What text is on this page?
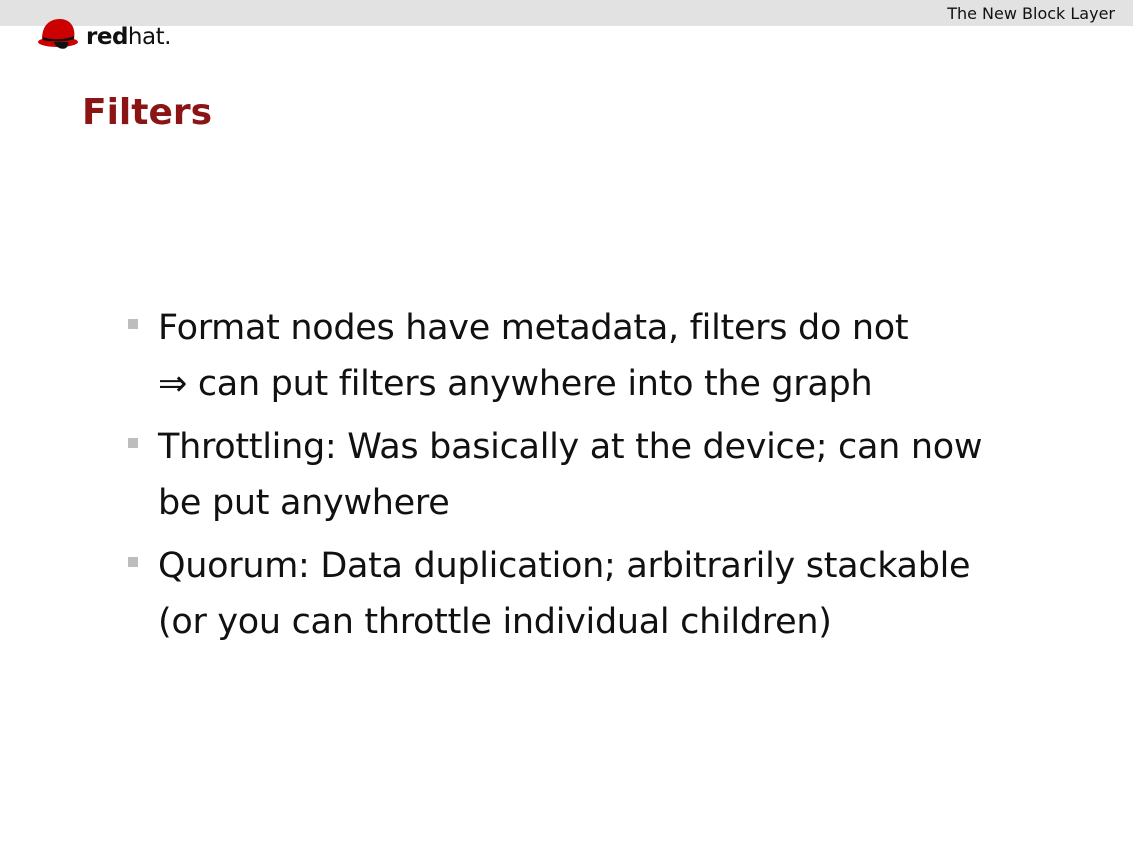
The New Block Layer
redhat.
Filters
Format nodes have metadata, filters do not
⇒ can put filters anywhere into the graph
Throttling: Was basically at the device; can now
be put anywhere
Quorum: Data duplication; arbitrarily stackable
(or you can throttle individual children)
